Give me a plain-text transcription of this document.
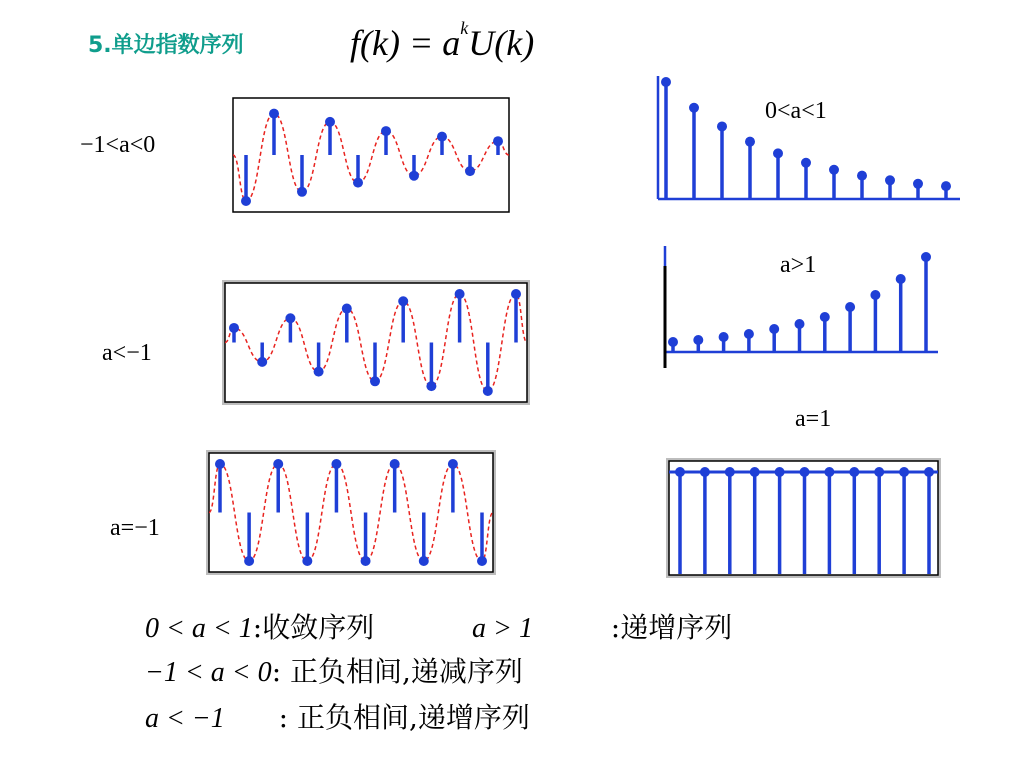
5.单边指数序列	$f(k) = a^kU(k)$
−1<a<0
0<a<1
a>1
a<−1
a=1
a=−1
0 < a < 1:收敛序列	a > 1	:递增序列
−1 < a < 0: 正负相间,递减序列
a < −1 : 正负相间,递增序列
